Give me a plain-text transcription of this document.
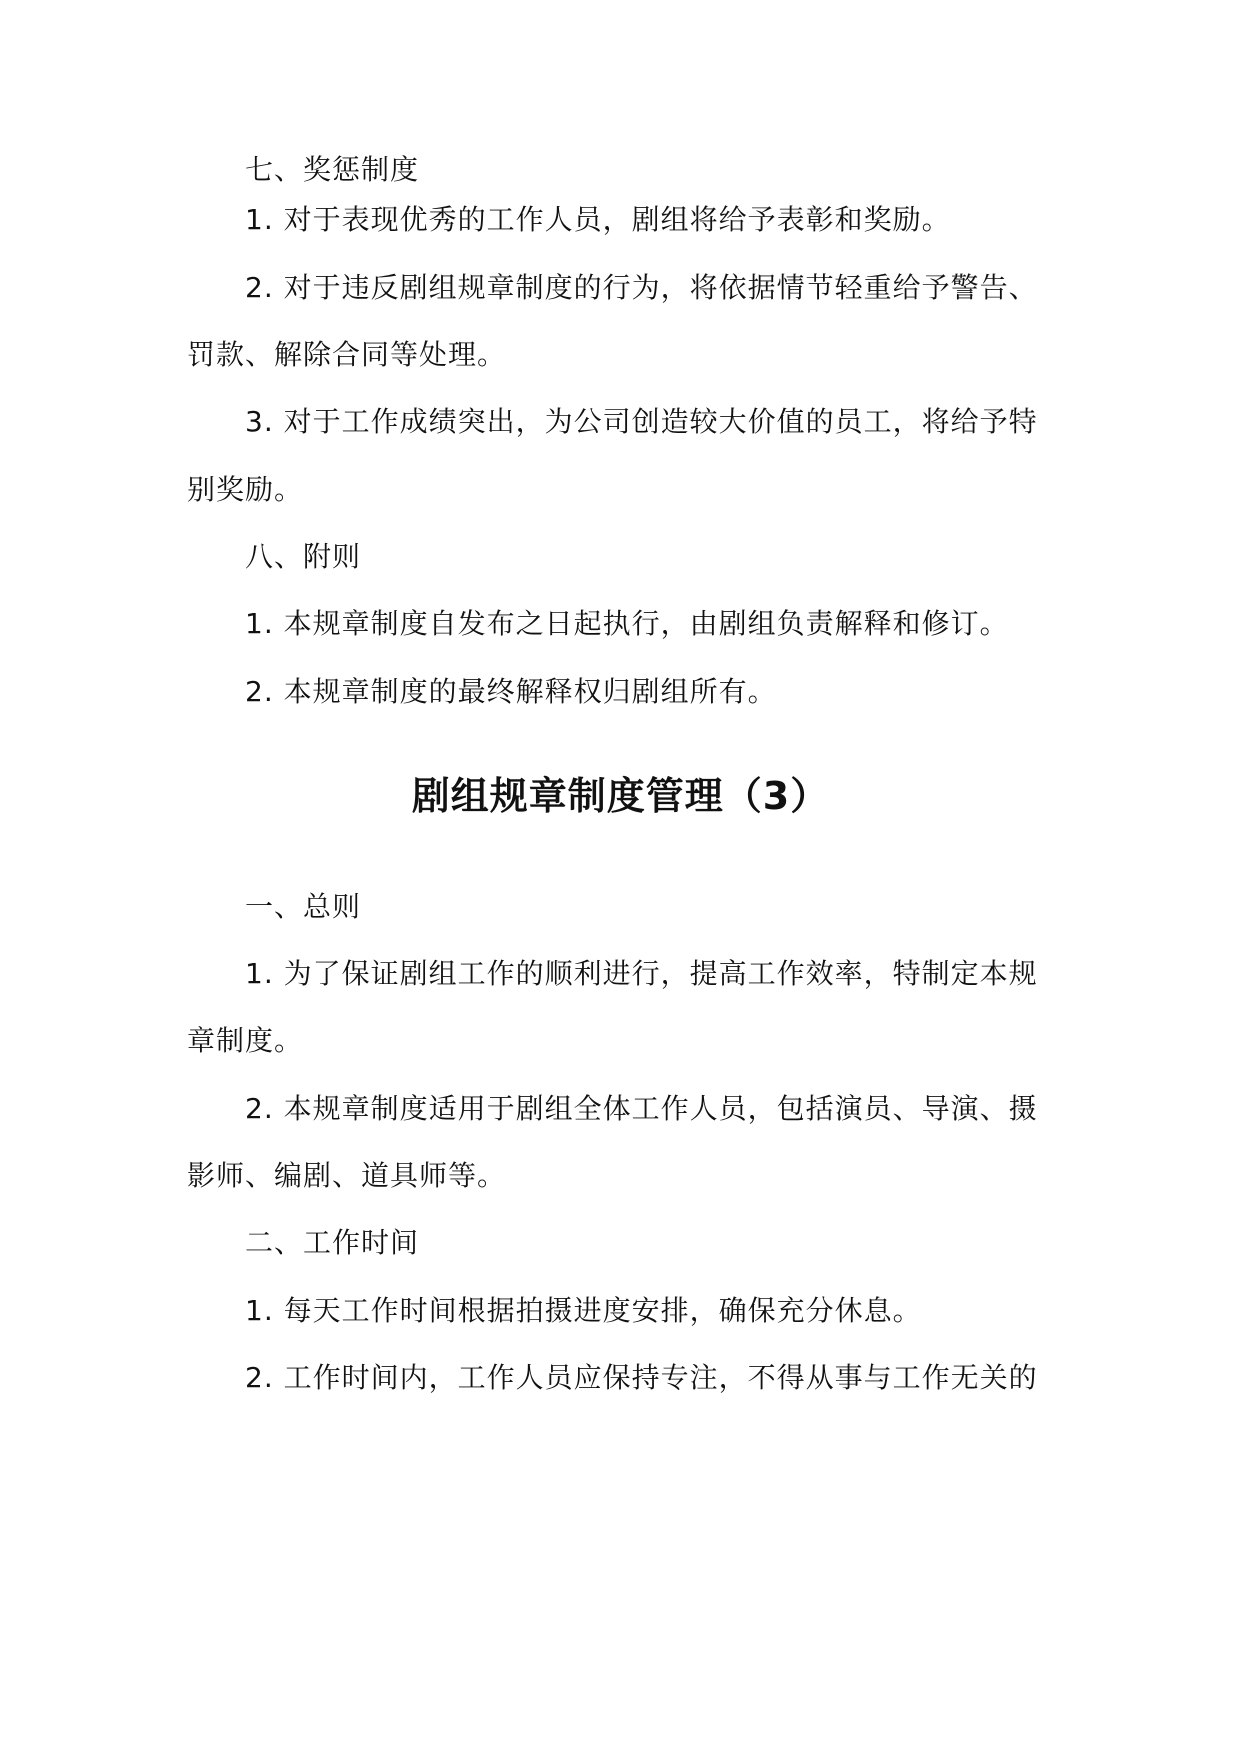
七、奖惩制度
1. 对于表现优秀的工作人员，剧组将给予表彰和奖励。
2. 对于违反剧组规章制度的行为，将依据情节轻重给予警告、
罚款、解除合同等处理。
3. 对于工作成绩突出，为公司创造较大价值的员工，将给予特
别奖励。
八、附则
1. 本规章制度自发布之日起执行，由剧组负责解释和修订。
2. 本规章制度的最终解释权归剧组所有。
剧组规章制度管理（3）
一、总则
1. 为了保证剧组工作的顺利进行，提高工作效率，特制定本规
章制度。
2. 本规章制度适用于剧组全体工作人员，包括演员、导演、摄
影师、编剧、道具师等。
二、工作时间
1. 每天工作时间根据拍摄进度安排，确保充分休息。
2. 工作时间内，工作人员应保持专注，不得从事与工作无关的
